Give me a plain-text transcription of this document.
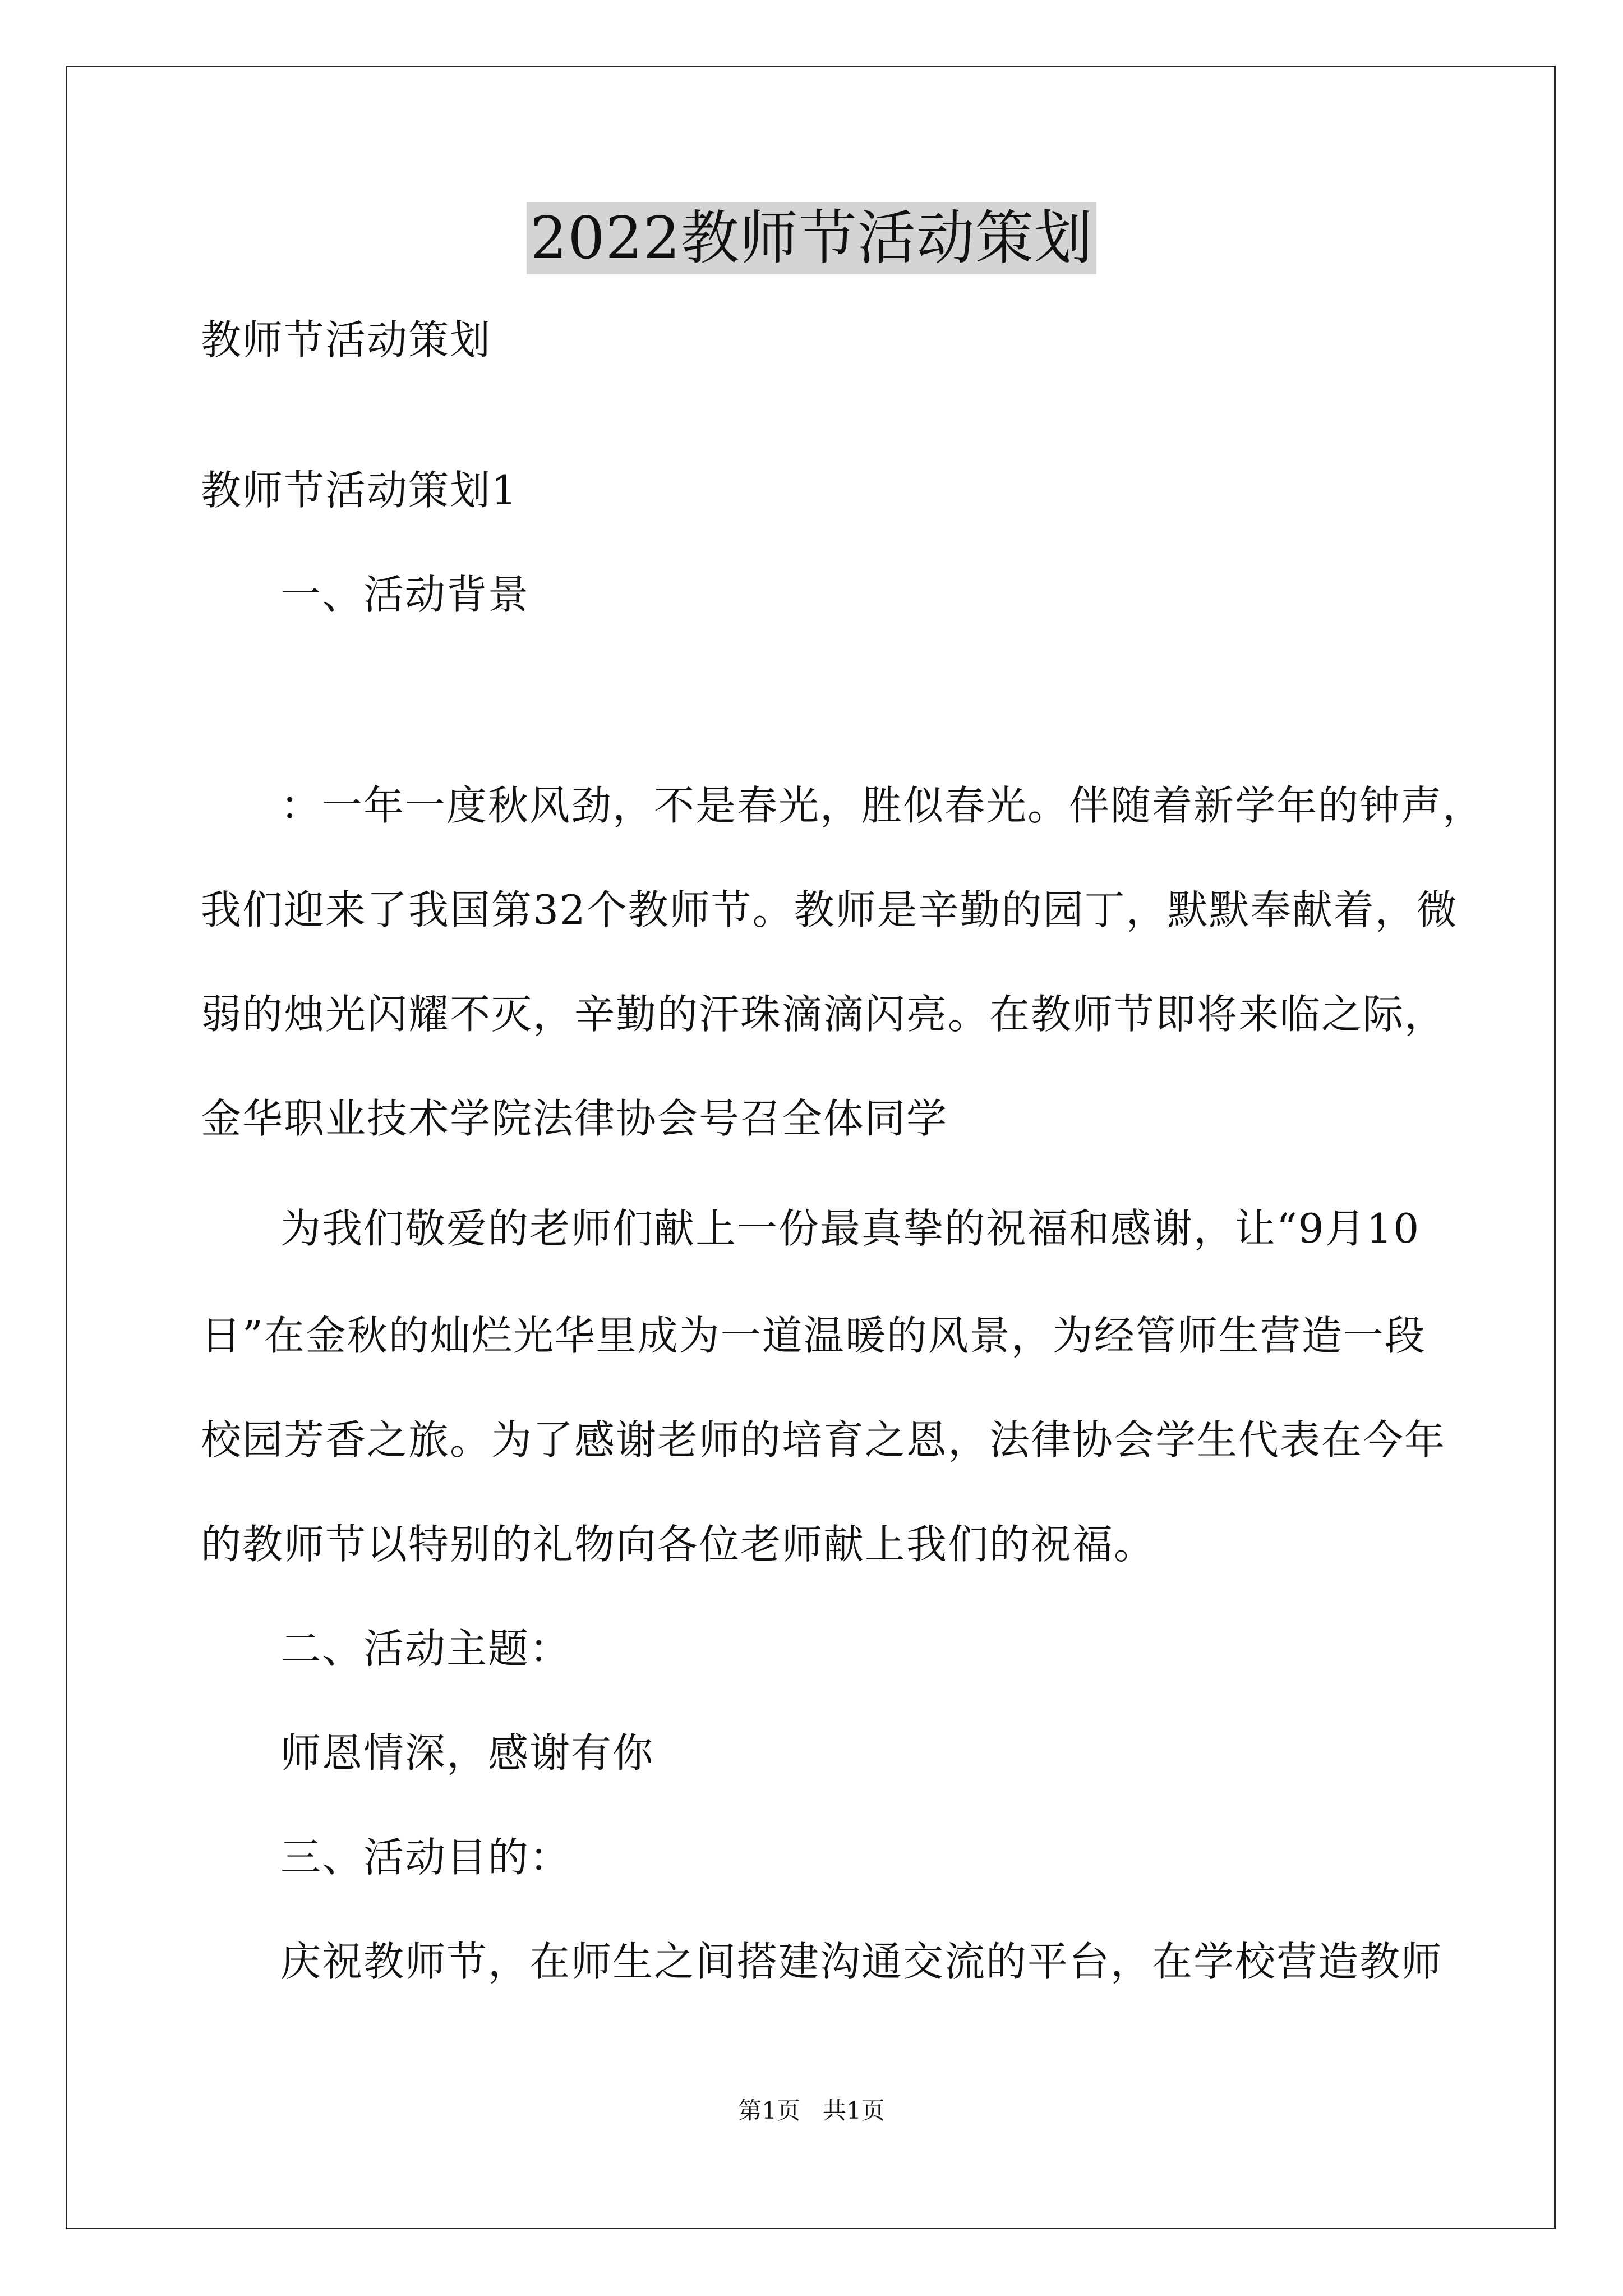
2022教师节活动策划
教师节活动策划
教师节活动策划1
一、活动背景
：一年一度秋风劲，不是春光，胜似春光。伴随着新学年的钟声，
我们迎来了我国第32个教师节。教师是辛勤的园丁，默默奉献着，微
弱的烛光闪耀不灭，辛勤的汗珠滴滴闪亮。在教师节即将来临之际，
金华职业技术学院法律协会号召全体同学
为我们敬爱的老师们献上一份最真挚的祝福和感谢，让“9月10
日”在金秋的灿烂光华里成为一道温暖的风景，为经管师生营造一段
校园芳香之旅。为了感谢老师的培育之恩，法律协会学生代表在今年
的教师节以特别的礼物向各位老师献上我们的祝福。
二、活动主题：
师恩情深，感谢有你
三、活动目的：
庆祝教师节，在师生之间搭建沟通交流的平台，在学校营造教师
第1页   共1页
